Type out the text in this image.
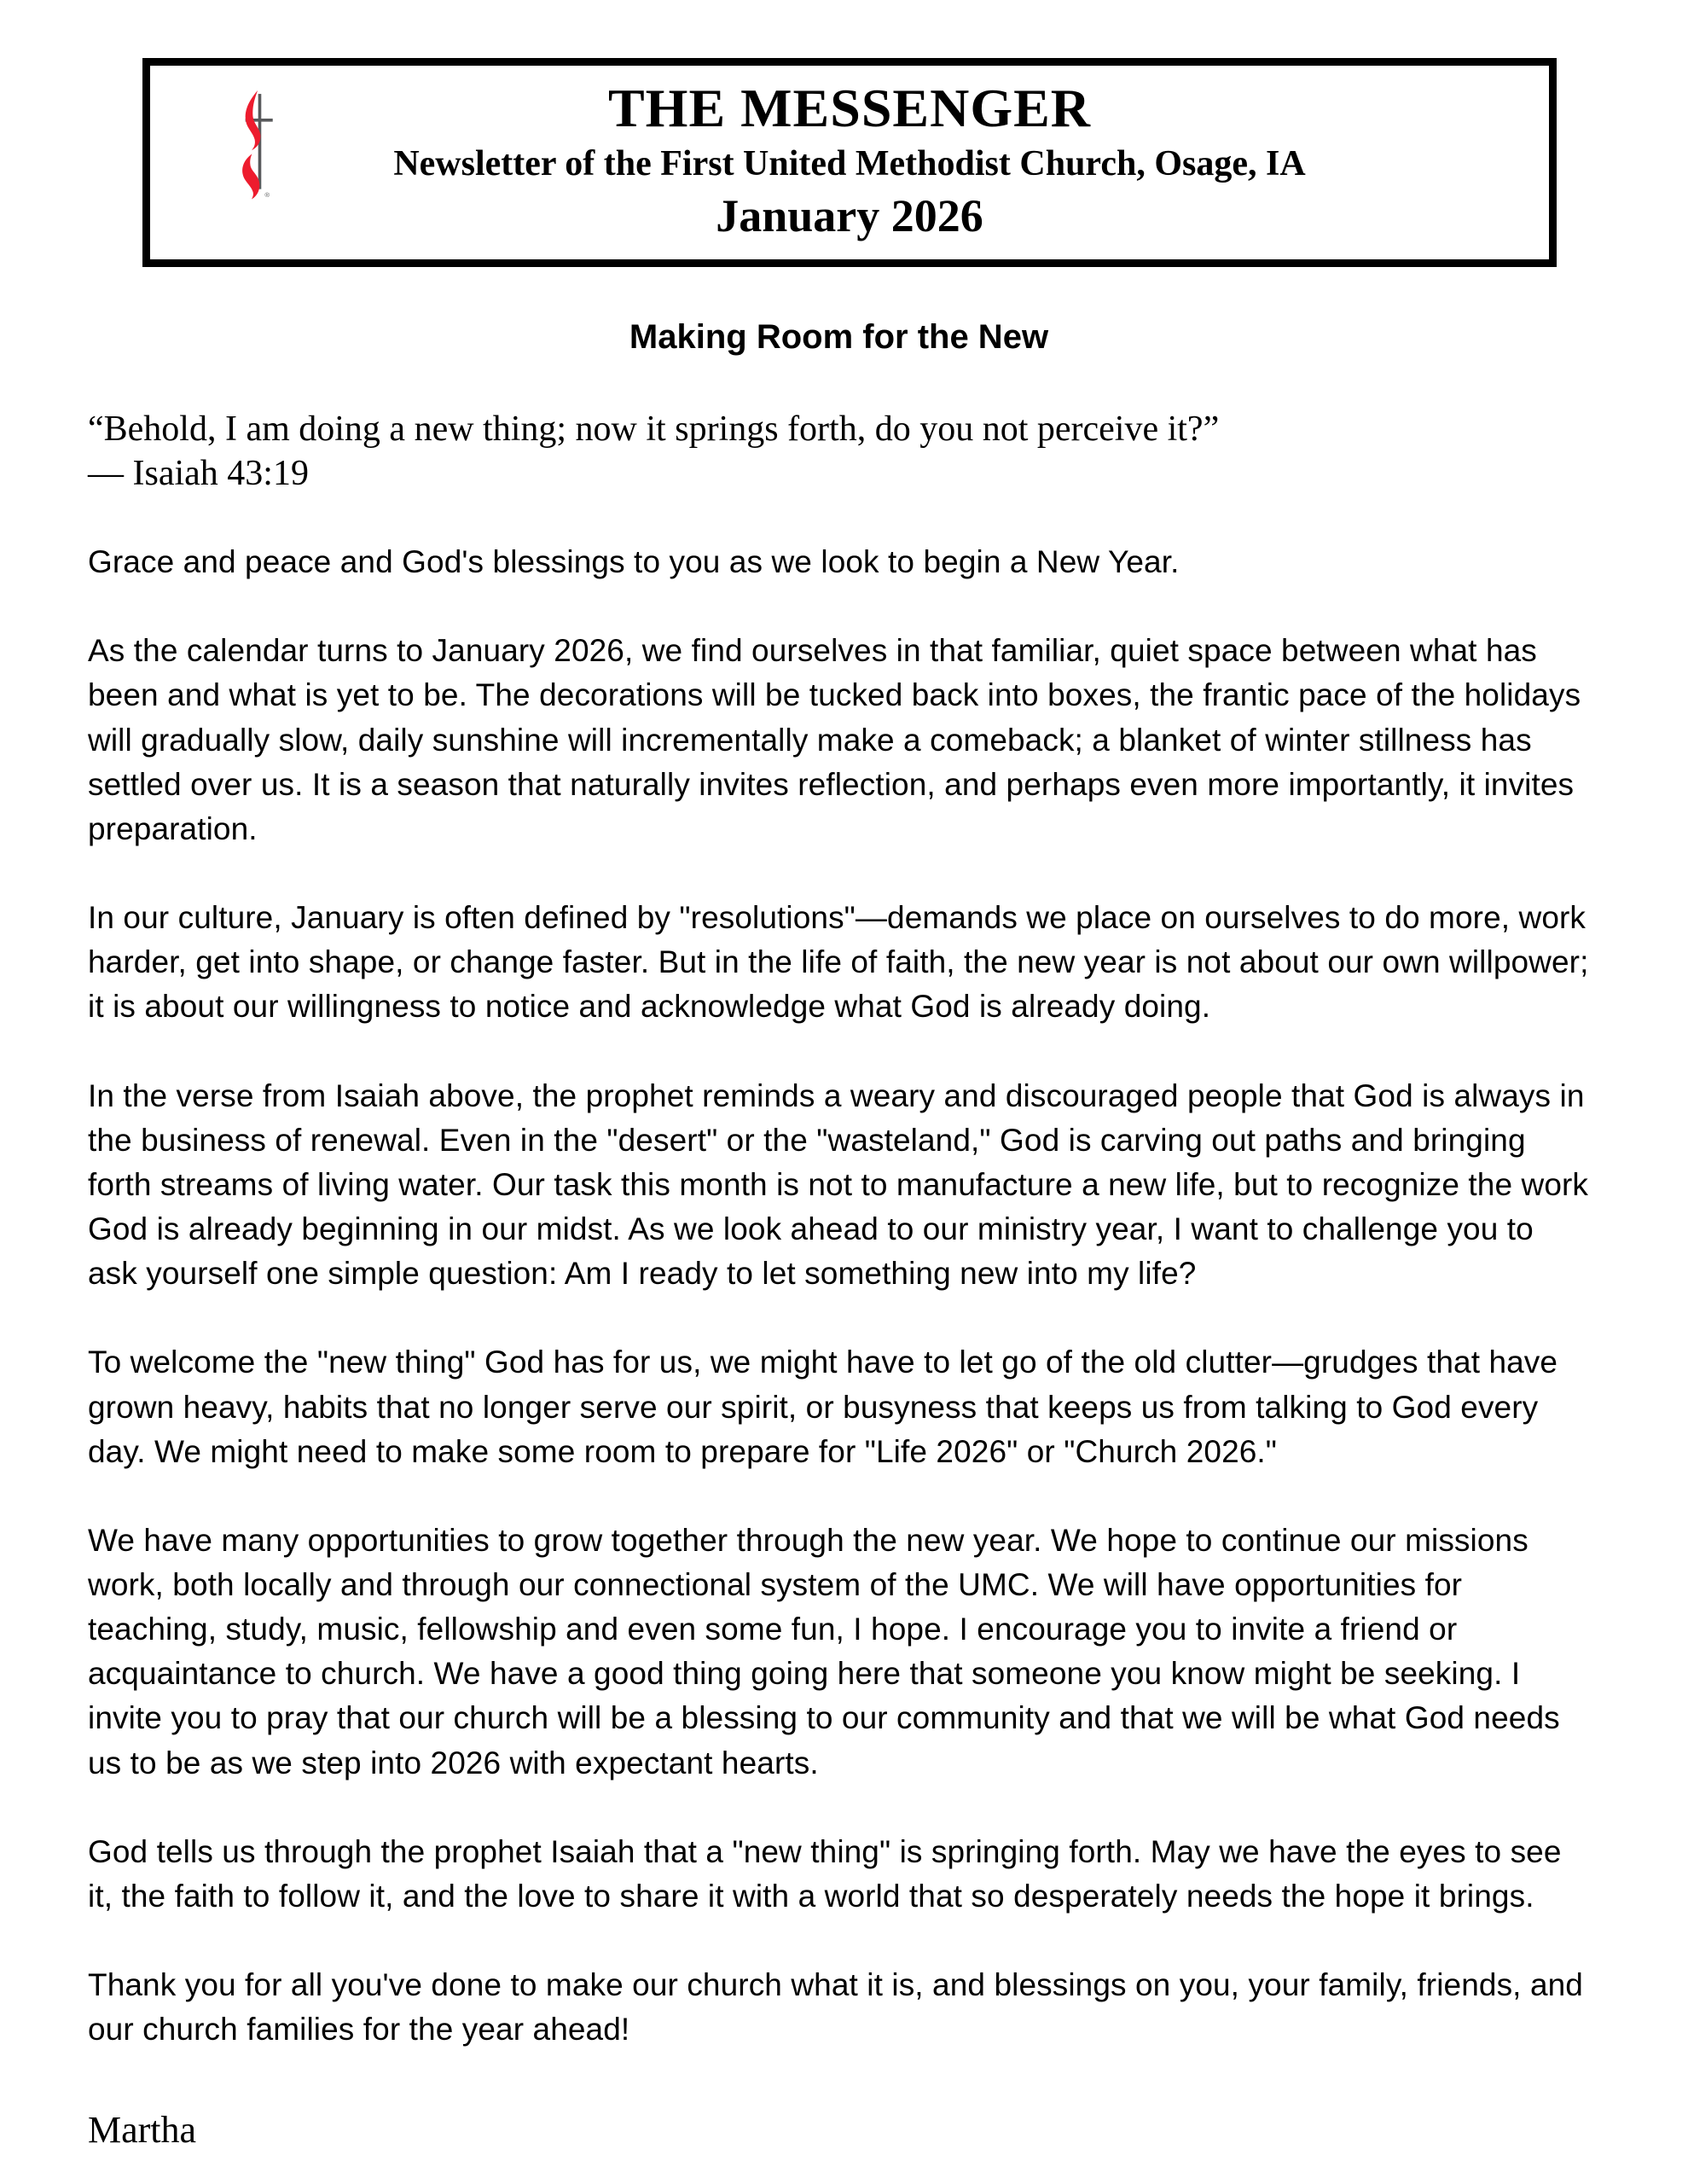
®
THE MESSENGER
Newsletter of the First United Methodist Church, Osage, IA
January 2026
Making Room for the New
“Behold, I am doing a new thing; now it springs forth, do you not perceive it?”
— Isaiah 43:19

Grace and peace and God's blessings to you as we look to begin a New Year.

As the calendar turns to January 2026, we find ourselves in that familiar, quiet space between what has been and what is yet to be. The decorations will be tucked back into boxes, the frantic pace of the holidays will gradually slow, daily sunshine will incrementally make a comeback; a blanket of winter stillness has settled over us. It is a season that naturally invites reflection, and perhaps even more importantly, it invites preparation.

In our culture, January is often defined by "resolutions"—demands we place on ourselves to do more, work harder, get into shape, or change faster. But in the life of faith, the new year is not about our own willpower; it is about our willingness to notice and acknowledge what God is already doing.

In the verse from Isaiah above, the prophet reminds a weary and discouraged people that God is always in the business of renewal. Even in the "desert" or the "wasteland," God is carving out paths and bringing forth streams of living water. Our task this month is not to manufacture a new life, but to recognize the work God is already beginning in our midst. As we look ahead to our ministry year, I want to challenge you to ask yourself one simple question: Am I ready to let something new into my life?

To welcome the "new thing" God has for us, we might have to let go of the old clutter—grudges that have grown heavy, habits that no longer serve our spirit, or busyness that keeps us from talking to God every day. We might need to make some room to prepare for "Life 2026" or "Church 2026."

We have many opportunities to grow together through the new year. We hope to continue our missions work, both locally and through our connectional system of the UMC. We will have opportunities for teaching, study, music, fellowship and even some fun, I hope. I encourage you to invite a friend or acquaintance to church. We have a good thing going here that someone you know might be seeking. I invite you to pray that our church will be a blessing to our community and that we will be what God needs us to be as we step into 2026 with expectant hearts.

God tells us through the prophet Isaiah that a "new thing" is springing forth. May we have the eyes to see it, the faith to follow it, and the love to share it with a world that so desperately needs the hope it brings.

Thank you for all you've done to make our church what it is, and blessings on you, your family, friends, and our church families for the year ahead!

Martha
